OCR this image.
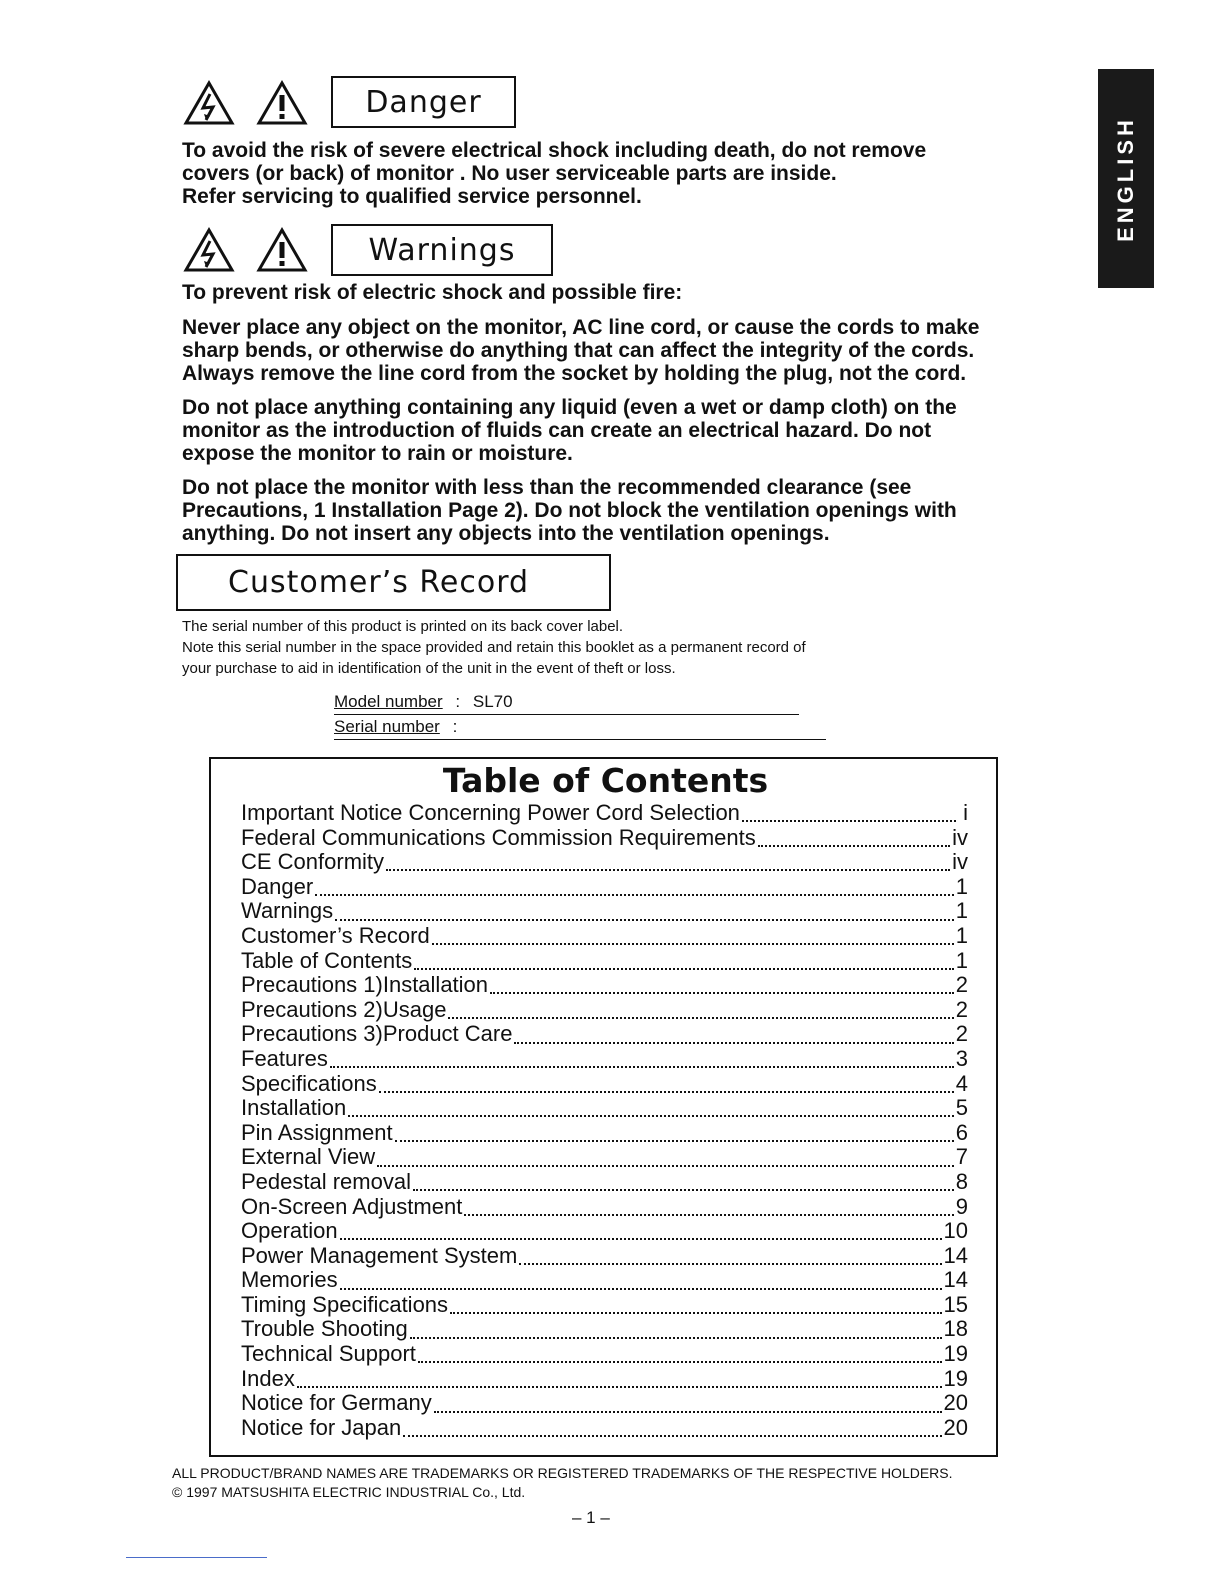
ENGLISH
Danger
To avoid the risk of severe electrical shock including death, do not remove
covers (or back) of monitor . No user serviceable parts are inside.
Refer servicing to qualified service personnel.
Warnings
To prevent risk of electric shock and possible fire:
Never place any object on the monitor, AC line cord, or cause the cords to make
sharp bends, or otherwise do anything that can affect the integrity of the cords.
Always remove the line cord from the socket by holding the plug, not the cord.
Do not place anything containing any liquid (even a wet or damp cloth) on the
monitor as the introduction of fluids can create an electrical hazard. Do not
expose the monitor to rain or moisture.
Do not place the monitor with less than the recommended clearance (see
Precautions, 1 Installation Page 2). Do not block the ventilation openings with
anything. Do not insert any objects into the ventilation openings.
Customer’s Record
The serial number of this product is printed on its back cover label.
Note this serial number in the space provided and retain this booklet as a permanent record of
your purchase to aid in identification of the unit in the event of theft or loss.
Model number : SL70
Serial number :
Table of Contents
Important Notice Concerning Power Cord Selection	i
Federal Communications Commission Requirements	iv
CE Conformity	iv
Danger	1
Warnings	1
Customer’s Record	1
Table of Contents	1
Precautions 1)Installation	2
Precautions 2)Usage	2
Precautions 3)Product Care	2
Features	3
Specifications	4
Installation	5
Pin Assignment	6
External View	7
Pedestal removal	8
On-Screen Adjustment	9
Operation	10
Power Management System	14
Memories	14
Timing Specifications	15
Trouble Shooting	18
Technical Support	19
Index	19
Notice for Germany	20
Notice for Japan	20
ALL PRODUCT/BRAND NAMES ARE TRADEMARKS OR REGISTERED TRADEMARKS OF THE RESPECTIVE HOLDERS.
© 1997 MATSUSHITA ELECTRIC INDUSTRIAL Co., Ltd.
– 1 –
